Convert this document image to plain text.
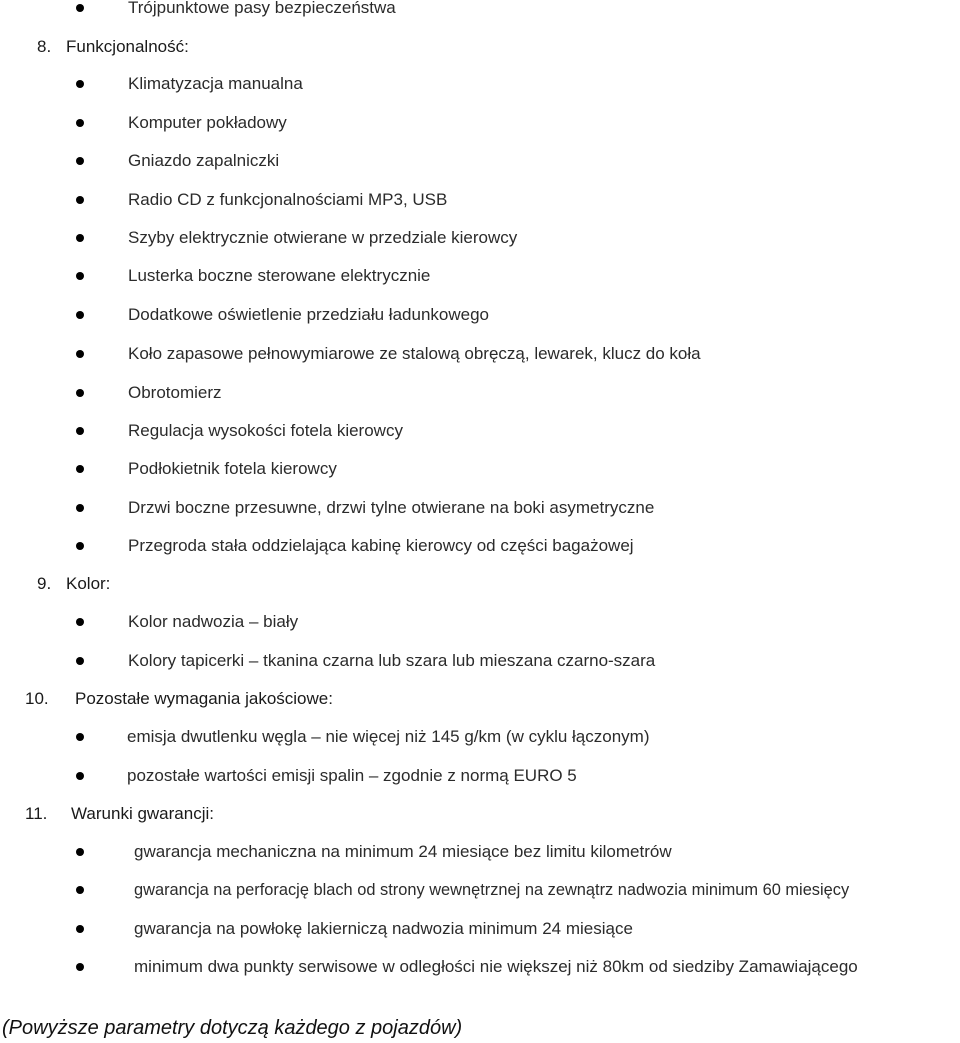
Trójpunktowe pasy bezpieczeństwa
8. Funkcjonalność:
Klimatyzacja manualna
Komputer pokładowy
Gniazdo zapalniczki
Radio CD z funkcjonalnościami MP3, USB
Szyby elektrycznie otwierane w przedziale kierowcy
Lusterka boczne sterowane elektrycznie
Dodatkowe oświetlenie przedziału ładunkowego
Koło zapasowe pełnowymiarowe ze stalową obręczą, lewarek, klucz do koła
Obrotomierz
Regulacja wysokości fotela kierowcy
Podłokietnik fotela kierowcy
Drzwi boczne przesuwne, drzwi tylne otwierane na boki asymetryczne
Przegroda stała oddzielająca kabinę kierowcy od części bagażowej
9. Kolor:
Kolor nadwozia – biały
Kolory tapicerki – tkanina czarna lub szara lub mieszana czarno-szara
10. Pozostałe wymagania jakościowe:
emisja dwutlenku węgla – nie więcej niż 145 g/km (w cyklu łączonym)
pozostałe wartości emisji spalin – zgodnie z normą EURO 5
11. Warunki gwarancji:
gwarancja mechaniczna na minimum 24 miesiące bez limitu kilometrów
gwarancja na perforację blach od strony wewnętrznej na zewnątrz nadwozia minimum 60 miesięcy
gwarancja na powłokę lakierniczą nadwozia minimum 24 miesiące
minimum dwa punkty serwisowe w odległości nie większej niż 80km od siedziby Zamawiającego
(Powyższe parametry dotyczą każdego z pojazdów)
